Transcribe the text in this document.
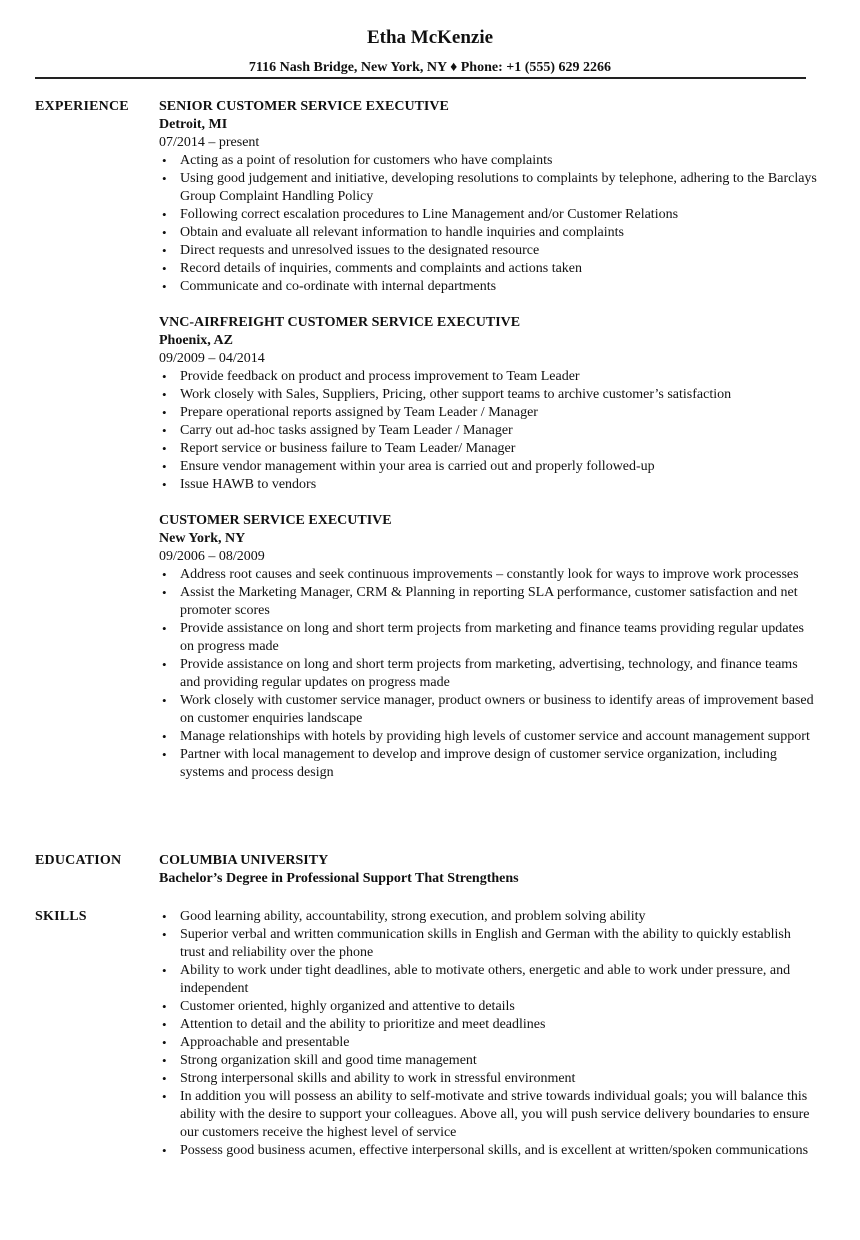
Etha McKenzie
7116 Nash Bridge, New York, NY ♦ Phone: +1 (555) 629 2266
EXPERIENCE SENIOR CUSTOMER SERVICE EXECUTIVE

Detroit, MI

07/2014 – present

• Acting as a point of resolution for customers who have complaints
• Using good judgement and initiative, developing resolutions to complaints by telephone, adhering to the Barclays Group Complaint Handling Policy
• Following correct escalation procedures to Line Management and/or Customer Relations
• Obtain and evaluate all relevant information to handle inquiries and complaints
• Direct requests and unresolved issues to the designated resource
• Record details of inquiries, comments and complaints and actions taken
• Communicate and co-ordinate with internal departments

VNC-AIRFREIGHT CUSTOMER SERVICE EXECUTIVE

Phoenix, AZ

09/2009 – 04/2014

• Provide feedback on product and process improvement to Team Leader
• Work closely with Sales, Suppliers, Pricing, other support teams to archive customer’s satisfaction
• Prepare operational reports assigned by Team Leader / Manager
• Carry out ad-hoc tasks assigned by Team Leader / Manager
• Report service or business failure to Team Leader/ Manager
• Ensure vendor management within your area is carried out and properly followed-up
• Issue HAWB to vendors

CUSTOMER SERVICE EXECUTIVE

New York, NY

09/2006 – 08/2009

• Address root causes and seek continuous improvements – constantly look for ways to improve work processes
• Assist the Marketing Manager, CRM & Planning in reporting SLA performance, customer satisfaction and net promoter scores
• Provide assistance on long and short term projects from marketing and finance teams providing regular updates on progress made
• Provide assistance on long and short term projects from marketing, advertising, technology, and finance teams and providing regular updates on progress made
• Work closely with customer service manager, product owners or business to identify areas of improvement based on customer enquiries landscape
• Manage relationships with hotels by providing high levels of customer service and account management support
• Partner with local management to develop and improve design of customer service organization, including systems and process design
EDUCATION	COLUMBIA UNIVERSITY

Bachelor’s Degree in Professional Support That Strengthens

SKILLS	• Good learning ability, accountability, strong execution, and problem solving ability
• Superior verbal and written communication skills in English and German with the ability to quickly establish trust and reliability over the phone
• Ability to work under tight deadlines, able to motivate others, energetic and able to work under pressure, and independent
• Customer oriented, highly organized and attentive to details
• Attention to detail and the ability to prioritize and meet deadlines
• Approachable and presentable
• Strong organization skill and good time management
• Strong interpersonal skills and ability to work in stressful environment
• In addition you will possess an ability to self-motivate and strive towards individual goals; you will balance this ability with the desire to support your colleagues. Above all, you will push service delivery boundaries to ensure our customers receive the highest level of service
• Possess good business acumen, effective interpersonal skills, and is excellent at written/spoken communications
